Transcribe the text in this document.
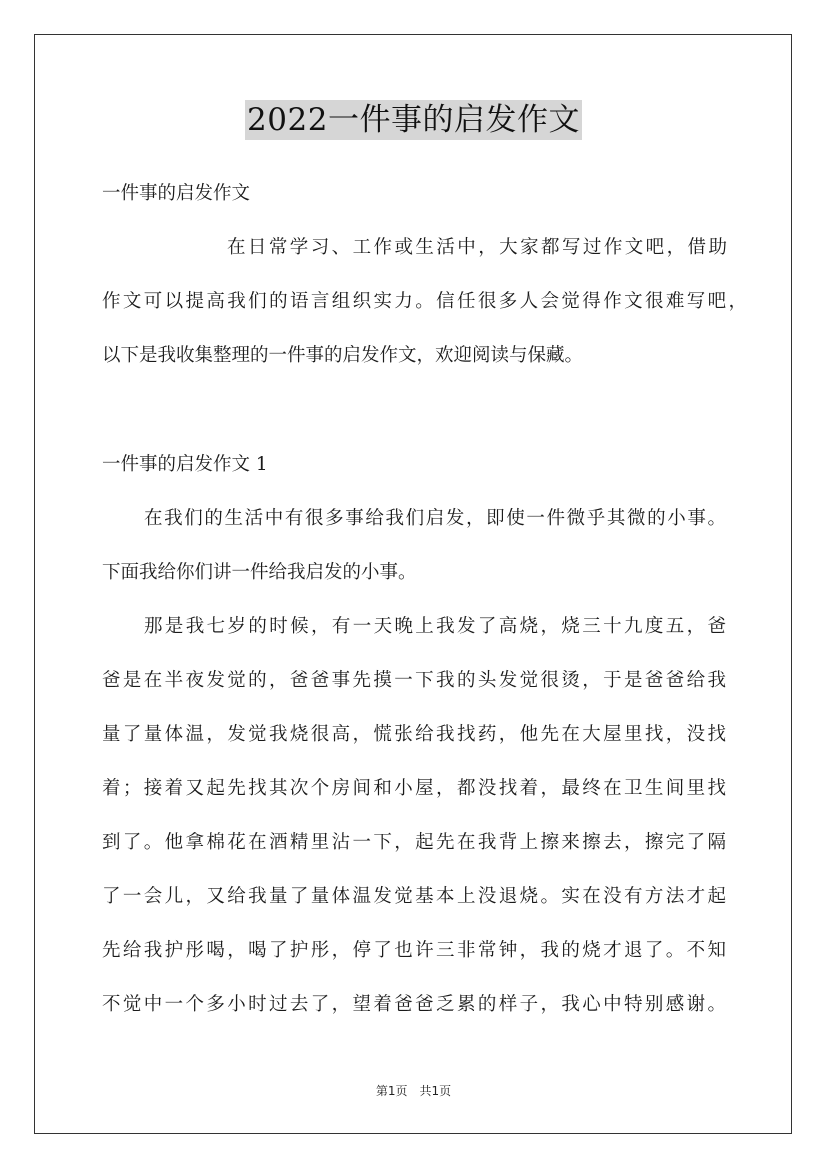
2022一件事的启发作文
一件事的启发作文
在日常学习、工作或生活中，大家都写过作文吧，借助
作文可以提高我们的语言组织实力。信任很多人会觉得作文很难写吧，
以下是我收集整理的一件事的启发作文，欢迎阅读与保藏。
一件事的启发作文 1
在我们的生活中有很多事给我们启发，即使一件微乎其微的小事。
下面我给你们讲一件给我启发的小事。
那是我七岁的时候，有一天晚上我发了高烧，烧三十九度五，爸
爸是在半夜发觉的，爸爸事先摸一下我的头发觉很烫，于是爸爸给我
量了量体温，发觉我烧很高，慌张给我找药，他先在大屋里找，没找
着；接着又起先找其次个房间和小屋，都没找着，最终在卫生间里找
到了。他拿棉花在酒精里沾一下，起先在我背上擦来擦去，擦完了隔
了一会儿，又给我量了量体温发觉基本上没退烧。实在没有方法才起
先给我护彤喝，喝了护彤，停了也许三非常钟，我的烧才退了。不知
不觉中一个多小时过去了，望着爸爸乏累的样子，我心中特别感谢。
第1页　共1页
